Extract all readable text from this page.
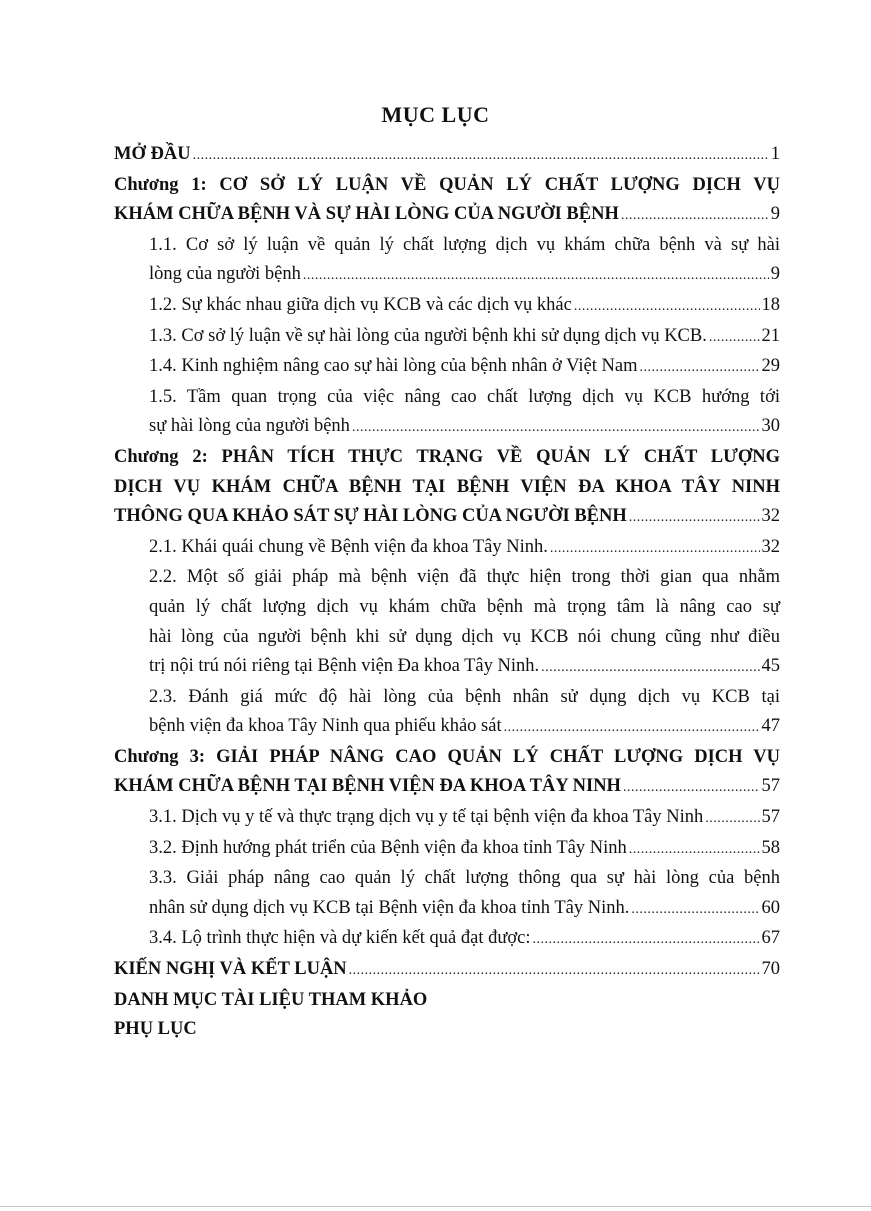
MỤC LỤC
MỞ ĐẦU .....	1
Chương 1: CƠ SỞ LÝ LUẬN VỀ QUẢN LÝ CHẤT LƯỢNG DỊCH VỤ
KHÁM CHỮA BỆNH VÀ SỰ HÀI LÒNG CỦA NGƯỜI BỆNH .....	9
1.1. Cơ sở lý luận về quản lý chất lượng dịch vụ khám chữa bệnh và sự hài
lòng của người bệnh .....	9
1.2. Sự khác nhau giữa dịch vụ KCB và các dịch vụ khác .....	18
1.3. Cơ sở lý luận về sự hài lòng của người bệnh khi sử dụng dịch vụ KCB. .....	21
1.4. Kinh nghiệm nâng cao sự hài lòng của bệnh nhân ở Việt Nam .....	29
1.5. Tầm quan trọng của việc nâng cao chất lượng dịch vụ KCB hướng tới
sự hài lòng của người bệnh .....	30
Chương 2: PHÂN TÍCH THỰC TRẠNG VỀ QUẢN LÝ CHẤT LƯỢNG
DỊCH VỤ KHÁM CHỮA BỆNH TẠI BỆNH VIỆN ĐA KHOA TÂY NINH
THÔNG QUA KHẢO SÁT SỰ HÀI LÒNG CỦA NGƯỜI BỆNH .....	32
2.1. Khái quái chung về Bệnh viện đa khoa Tây Ninh. .....	32
2.2. Một số giải pháp mà bệnh viện đã thực hiện trong thời gian qua nhằm
quản lý chất lượng dịch vụ khám chữa bệnh mà trọng tâm là nâng cao sự
hài lòng của người bệnh khi sử dụng dịch vụ KCB nói chung cũng như điều
trị nội trú nói riêng tại Bệnh viện Đa khoa Tây Ninh. .....	45
2.3. Đánh giá mức độ hài lòng của bệnh nhân sử dụng dịch vụ KCB tại
bệnh viện đa khoa Tây Ninh qua phiếu khảo sát .....	47
Chương 3: GIẢI PHÁP NÂNG CAO QUẢN LÝ CHẤT LƯỢNG DỊCH VỤ
KHÁM CHỮA BỆNH TẠI BỆNH VIỆN ĐA KHOA TÂY NINH .....	57
3.1. Dịch vụ y tế và thực trạng dịch vụ y tế tại bệnh viện đa khoa Tây Ninh .....	57
3.2. Định hướng phát triển của Bệnh viện đa khoa tỉnh Tây Ninh .....	58
3.3. Giải pháp nâng cao quản lý chất lượng thông qua sự hài lòng của bệnh
nhân sử dụng dịch vụ KCB tại Bệnh viện đa khoa tỉnh Tây Ninh. .....	60
3.4. Lộ trình thực hiện và dự kiến kết quả đạt được: .....	67
KIẾN NGHỊ VÀ KẾT LUẬN .....	70
DANH MỤC TÀI LIỆU THAM KHẢO
PHỤ LỤC
